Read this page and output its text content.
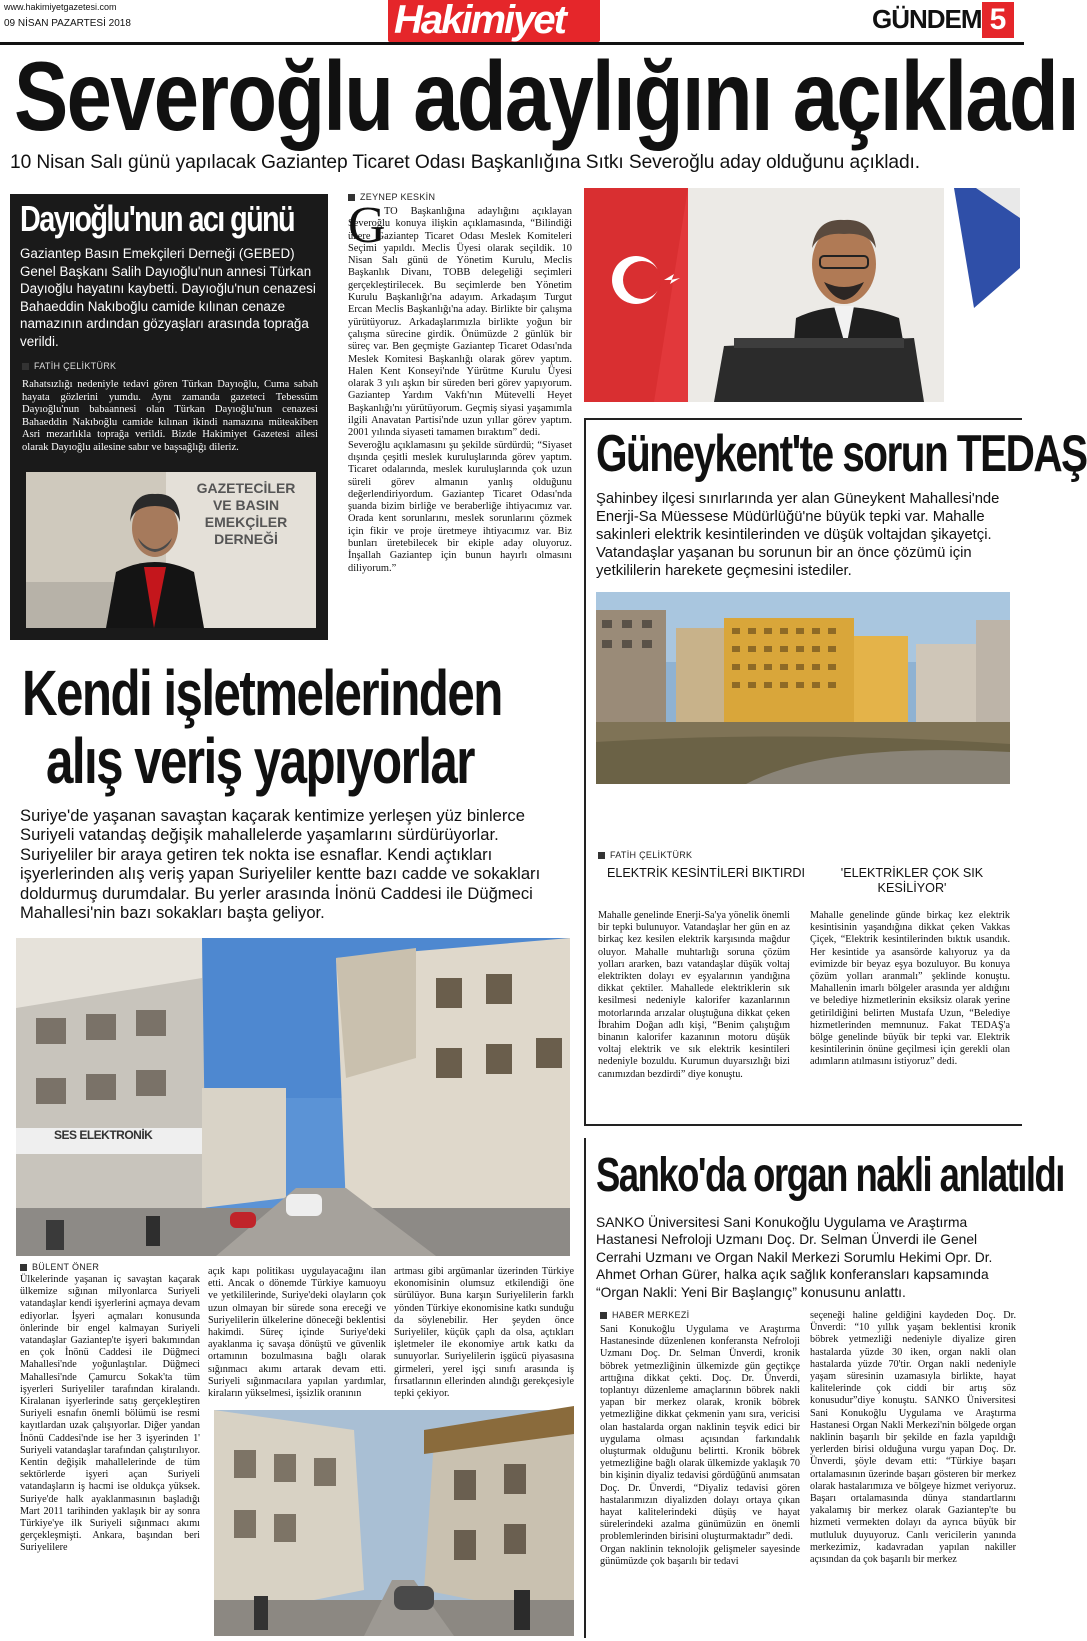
www.hakimiyetgazetesi.com
09 NİSAN PAZARTESİ 2018	Hakimiyet	GÜNDEM 5
Severoğlu adaylığını açıkladı
10 Nisan Salı günü yapılacak Gaziantep Ticaret Odası Başkanlığına Sıtkı Severoğlu aday olduğunu açıkladı.
Dayıoğlu'nun acı günü
Gaziantep Basın Emekçileri Derneği (GEBED) Genel Başkanı Salih Dayıoğlu'nun annesi Türkan Dayıoğlu hayatını kaybetti. Dayıoğlu'nun cenazesi Bahaeddin Nakıboğlu camide kılınan cenaze namazının ardından gözyaşları arasında toprağa verildi.
FATİH ÇELİKTÜRK
Rahatsızlığı nedeniyle tedavi gören Türkan Dayıoğlu, Cuma sabah hayata gözlerini yumdu. Aynı zamanda gazeteci Tebessüm Dayıoğlu'nun babaannesi olan Türkan Dayıoğlu'nun cenazesi Bahaeddin Nakıboğlu camide kılınan ikindi namazına müteakiben Asri mezarlıkla toprağa verildi. Bizde Hakimiyet Gazetesi ailesi olarak Dayıoğlu ailesine sabır ve başsağlığı dileriz.
GAZETECİLER
VE BASIN
EMEKÇİLER
DERNEĞİ
ZEYNEP KESKİN
G
TO Başkanlığına adaylığını açıklayan Severoğlu konuya ilişkin açıklamasında, “Bilindiği üzere Gaziantep Ticaret Odası Meslek Komiteleri Seçimi yapıldı. Meclis Üyesi olarak seçildik. 10 Nisan Salı günü de Yönetim Kurulu, Meclis Başkanlık Divanı, TOBB delegeliği seçimleri gerçekleştirilecek. Bu seçimlerde ben Yönetim Kurulu Başkanlığı'na adayım. Arkadaşım Turgut Ercan Meclis Başkanlığı'na aday. Birlikte bir çalışma yürütüyoruz. Arkadaşlarımızla birlikte yoğun bir çalışma sürecine girdik. Önümüzde 2 günlük bir süreç var. Ben geçmişte Gaziantep Ticaret Odası'nda Meslek Komitesi Başkanlığı olarak görev yaptım. Halen Kent Konseyi'nde Yürütme Kurulu Üyesi olarak 3 yılı aşkın bir süreden beri görev yapıyorum. Gaziantep Yardım Vakfı'nın Mütevelli Heyet Başkanlığı'nı yürütüyorum. Geçmiş siyasi yaşamımla ilgili Anavatan Partisi'nde uzun yıllar görev yaptım. 2001 yılında siyaseti tamamen bıraktım” dedi.
Severoğlu açıklamasını şu şekilde sürdürdü; “Siyaset dışında çeşitli meslek kuruluşlarında görev yaptım. Ticaret odalarında, meslek kuruluşlarında çok uzun süreli görev almanın yanlış olduğunu değerlendiriyordum. Gaziantep Ticaret Odası'nda şuanda bizim birliğe ve beraberliğe ihtiyacımız var. Orada kent sorunlarını, meslek sorunlarını çözmek için fikir ve proje üretmeye ihtiyacımız var. Biz bunları üretebilecek bir ekiple aday oluyoruz. İnşallah Gaziantep için bunun hayırlı olmasını diliyorum.”
Güneykent'te sorun TEDAŞ
Şahinbey ilçesi sınırlarında yer alan Güneykent Mahallesi'nde Enerji-Sa Müessese Müdürlüğü'ne büyük tepki var. Mahalle sakinleri elektrik kesintilerinden ve düşük voltajdan şikayetçi. Vatandaşlar yaşanan bu sorunun bir an önce çözümü için yetkililerin harekete geçmesini istediler.
FATİH ÇELİKTÜRK
ELEKTRİK KESİNTİLERİ BIKTIRDI	'ELEKTRİKLER ÇOK SIK KESİLİYOR'
Mahalle genelinde Enerji-Sa'ya yönelik önemli bir tepki bulunuyor. Vatandaşlar her gün en az birkaç kez kesilen elektrik karşısında mağdur oluyor. Mahalle muhtarlığı soruna çözüm yolları ararken, bazı vatandaşlar düşük voltaj elektrikten dolayı ev eşyalarının yandığına dikkat çektiler. Mahallede elektriklerin sık kesilmesi nedeniyle kalorifer kazanlarının motorlarında arızalar oluştuğuna dikkat çeken İbrahim Doğan adlı kişi, “Benim çalıştığım binanın kalorifer kazanının motoru düşük voltaj elektrik ve sık elektrik kesintileri nedeniyle bozuldu. Kurumun duyarsızlığı bizi canımızdan bezdirdi” diye konuştu.
Mahalle genelinde günde birkaç kez elektrik kesintisinin yaşandığına dikkat çeken Vakkas Çiçek, “Elektrik kesintilerinden bıktık usandık. Her kesintide ya asansörde kalıyoruz ya da evimizde bir beyaz eşya bozuluyor. Bu konuya çözüm yolları aranmalı” şeklinde konuştu. Mahallenin imarlı bölgeler arasında yer aldığını ve belediye hizmetlerinin eksiksiz olarak yerine getirildiğini belirten Mustafa Uzun, “Belediye hizmetlerinden memnunuz. Fakat TEDAŞ'a bölge genelinde büyük bir tepki var. Elektrik kesintilerinin önüne geçilmesi için gerekli olan adımların atılmasını istiyoruz” dedi.
Kendi işletmelerinden
alış veriş yapıyorlar
Suriye'de yaşanan savaştan kaçarak kentimize yerleşen yüz binlerce Suriyeli vatandaş değişik mahallelerde yaşamlarını sürdürüyorlar. Suriyeliler bir araya getiren tek nokta ise esnaflar. Kendi açtıkları işyerlerinden alış veriş yapan Suriyeliler kentte bazı cadde ve sokakları doldurmuş durumdalar. Bu yerler arasında İnönü Caddesi ile Düğmeci Mahallesi'nin bazı sokakları başta geliyor.
SES ELEKTRONİK
BÜLENT ÖNER
Ülkelerinde yaşanan iç savaştan kaçarak ülkemize sığınan milyonlarca Suriyeli vatandaşlar kendi işyerlerini açmaya devam ediyorlar. İşyeri açmaları konusunda önlerinde bir engel kalmayan Suriyeli vatandaşlar Gaziantep'te işyeri bakımından en çok İnönü Caddesi ile Düğmeci Mahallesi'nde yoğunlaştılar. Düğmeci Mahallesi'nde Çamurcu Sokak'ta tüm işyerleri Suriyeliler tarafından kiralandı. Kiralanan işyerlerinde satış gerçekleştiren Suriyeli esnafın önemli bölümü ise resmi kayıtlardan uzak çalışıyorlar. Diğer yandan İnönü Caddesi'nde ise her 3 işyerinden 1' Suriyeli vatandaşlar tarafından çalıştırılıyor. Kentin değişik mahallelerinde de tüm sektörlerde işyeri açan Suriyeli vatandaşların iş hacmi ise oldukça yüksek. Suriye'de halk ayaklanmasının başladığı Mart 2011 tarihinden yaklaşık bir ay sonra Türkiye'ye ilk Suriyeli sığınmacı akımı gerçekleşmişti. Ankara, başından beri Suriyelilere
açık kapı politikası uygulayacağını ilan etti. Ancak o dönemde Türkiye kamuoyu ve yetkililerinde, Suriye'deki olayların çok uzun olmayan bir sürede sona ereceği ve Suriyelilerin ülkelerine döneceği beklentisi hakimdi. Süreç içinde Suriye'deki ayaklanma iç savaşa dönüştü ve güvenlik ortamının bozulmasına bağlı olarak sığınmacı akımı artarak devam etti. Suriyeli sığınmacılara yapılan yardımlar, kiraların yükselmesi, işsizlik oranının
artması gibi argümanlar üzerinden Türkiye ekonomisinin olumsuz etkilendiği öne sürülüyor. Buna karşın Suriyelilerin farklı yönden Türkiye ekonomisine katkı sunduğu da söylenebilir. Her şeyden önce Suriyeliler, küçük çaplı da olsa, açtıkları işletmeler ile ekonomiye artık katkı da sunuyorlar. Suriyelilerin işgücü piyasasına girmeleri, yerel işçi sınıfı arasında iş fırsatlarının ellerinden alındığı gerekçesiyle tepki çekiyor.
Sanko'da organ nakli anlatıldı
SANKO Üniversitesi Sani Konukoğlu Uygulama ve Araştırma Hastanesi Nefroloji Uzmanı Doç. Dr. Selman Ünverdi ile Genel Cerrahi Uzmanı ve Organ Nakil Merkezi Sorumlu Hekimi Opr. Dr. Ahmet Orhan Gürer, halka açık sağlık konferansları kapsamında “Organ Nakli: Yeni Bir Başlangıç” konusunu anlattı.
HABER MERKEZİ
Sani Konukoğlu Uygulama ve Araştırma Hastanesinde düzenlenen konferansta Nefroloji Uzmanı Doç. Dr. Selman Ünverdi, kronik böbrek yetmezliğinin ülkemizde gün geçtikçe arttığına dikkat çekti. Doç. Dr. Ünverdi, toplantıyı düzenleme amaçlarının böbrek nakli yapan bir merkez olarak, kronik böbrek yetmezliğine dikkat çekmenin yanı sıra, vericisi olan hastalarda organ naklinin teşvik edici bir uygulama olması açısından farkındalık oluşturmak olduğunu belirtti. Kronik böbrek yetmezliğine bağlı olarak ülkemizde yaklaşık 70 bin kişinin diyaliz tedavisi gördüğünü anımsatan Doç. Dr. Ünverdi, “Diyaliz tedavisi gören hastalarımızın diyalizden dolayı ortaya çıkan hayat kalitelerindeki düşüş ve hayat sürelerindeki azalma günümüzün en önemli problemlerinden birisini oluşturmaktadır” dedi.
Organ naklinin teknolojik gelişmeler sayesinde günümüzde çok başarılı bir tedavi
seçeneği haline geldiğini kaydeden Doç. Dr. Ünverdi: “10 yıllık yaşam beklentisi kronik böbrek yetmezliği nedeniyle diyalize giren hastalarda yüzde 30 iken, organ nakli olan hastalarda yüzde 70'tir. Organ nakli nedeniyle yaşam süresinin uzamasıyla birlikte, hayat kalitelerinde çok ciddi bir artış söz konusudur”diye konuştu. SANKO Üniversitesi Sani Konukoğlu Uygulama ve Araştırma Hastanesi Organ Nakli Merkezi'nin bölgede organ naklinin başarılı bir şekilde en fazla yapıldığı yerlerden birisi olduğuna vurgu yapan Doç. Dr. Ünverdi, şöyle devam etti: “Türkiye başarı ortalamasının üzerinde başarı gösteren bir merkez olarak hastalarımıza ve bölgeye hizmet veriyoruz. Başarı ortalamasında dünya standartlarını yakalamış bir merkez olarak Gaziantep'te bu hizmeti vermekten dolayı da ayrıca büyük bir mutluluk duyuyoruz. Canlı vericilerin yanında merkezimiz, kadavradan yapılan nakiller açısından da çok başarılı bir merkez
